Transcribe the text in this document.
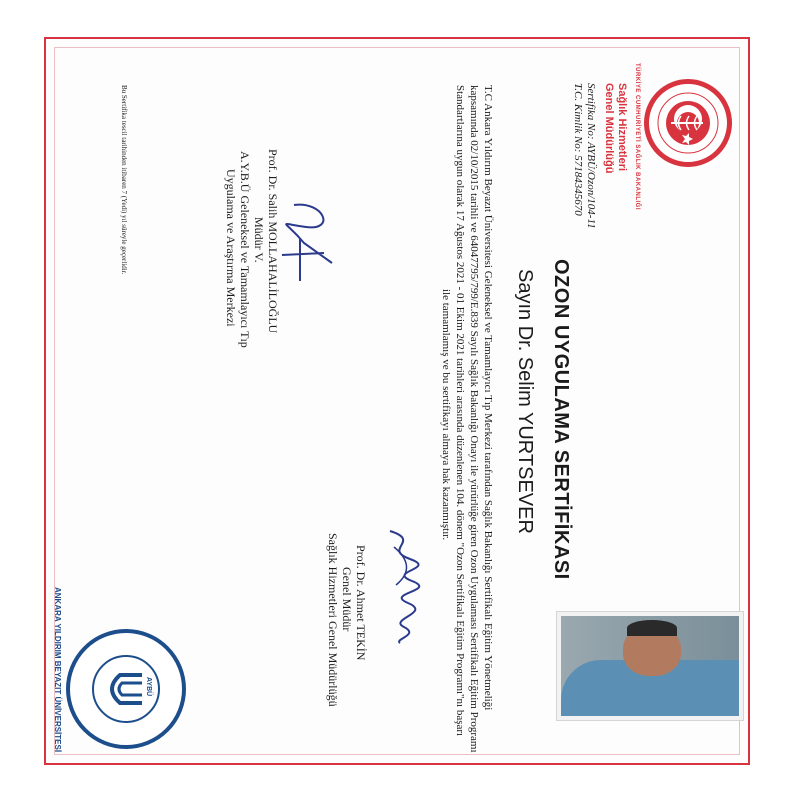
TÜRKİYE CUMHURİYETİ SAĞLIK BAKANLIĞI
Sağlık Hizmetleri
Genel Müdürlüğü
Sertifika No: AYBÜ/Ozon/104-11
T.C. Kimlik No: 57184345670
OZON UYGULAMA SERTİFİKASI
Sayın Dr. Selim YURTSEVER
T.C Ankara Yıldırım Beyazıt Üniversitesi Geleneksel ve Tamamlayıcı Tıp Merkezi tarafından Sağlık Bakanlığı Sertifikalı Eğitim Yönetmeliği
kapsamında 02/10/2015 tarihli ve 64047795/799/E.839 Sayılı Sağlık Bakanlığı Onayı ile yürürlüğe giren Ozon Uygulaması Sertifikalı Eğitim Programı
Standartlarına uygun olarak 17 Ağustos 2021 - 01 Ekim 2021 tarihleri arasında düzenlenen 104. dönem "Ozon Sertifikalı Eğitim Programı"nı başarı
ile tamamlamış ve bu sertifikayı almaya hak kazanmıştır.
Prof. Dr. Ahmet TEKİN
Genel Müdür
Sağlık Hizmetleri Genel Müdürlüğü
Prof. Dr. Salih MOLLAHALİLOĞLU
Müdür V.
A.Y.B.Ü Geleneksel ve Tamamlayıcı Tıp
Uygulama ve Araştırma Merkezi
AYBÜ
ANKARA YILDIRIM BEYAZIT ÜNİVERSİTESİ
Bu Sertifika tescil tarihinden itibaren 7 (Yedi) yıl süreyle geçerlidir.
